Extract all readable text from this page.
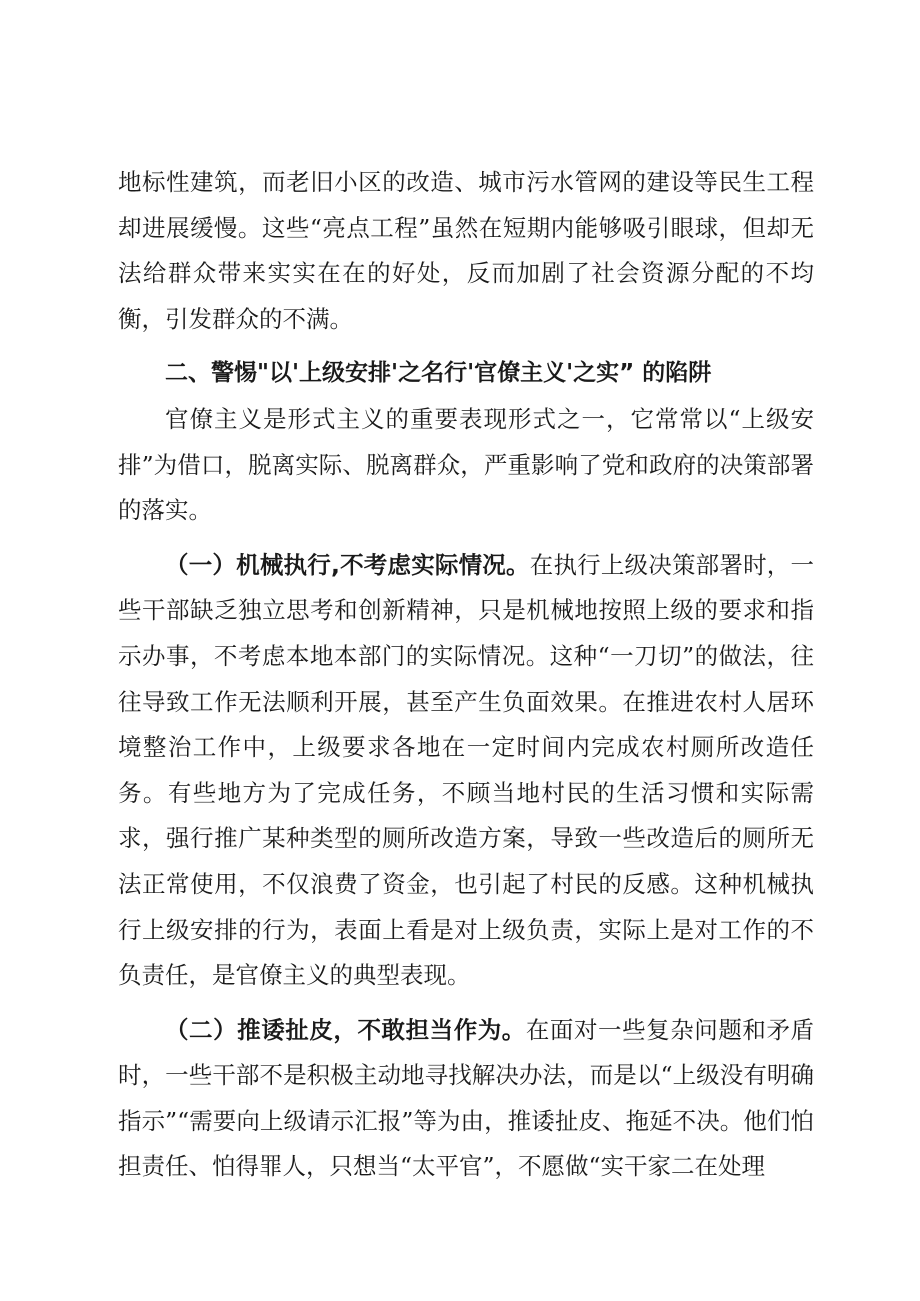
地标性建筑，而老旧小区的改造、城市污水管网的建设等民生工程却进展缓慢。这些“亮点工程”虽然在短期内能够吸引眼球，但却无法给群众带来实实在在的好处，反而加剧了社会资源分配的不均衡，引发群众的不满。

二、警惕"以'上级安排'之名行'官僚主义'之实” 的陷阱

官僚主义是形式主义的重要表现形式之一，它常常以“上级安排”为借口，脱离实际、脱离群众，严重影响了党和政府的决策部署的落实。

（一）机械执行,不考虑实际情况。在执行上级决策部署时，一些干部缺乏独立思考和创新精神，只是机械地按照上级的要求和指示办事，不考虑本地本部门的实际情况。这种“一刀切”的做法，往往导致工作无法顺利开展，甚至产生负面效果。在推进农村人居环境整治工作中，上级要求各地在一定时间内完成农村厕所改造任务。有些地方为了完成任务，不顾当地村民的生活习惯和实际需求，强行推广某种类型的厕所改造方案，导致一些改造后的厕所无法正常使用，不仅浪费了资金，也引起了村民的反感。这种机械执行上级安排的行为，表面上看是对上级负责，实际上是对工作的不负责任，是官僚主义的典型表现。

（二）推诿扯皮，不敢担当作为。在面对一些复杂问题和矛盾时，一些干部不是积极主动地寻找解决办法，而是以“上级没有明确指示”“需要向上级请示汇报”等为由，推诿扯皮、拖延不决。他们怕担责任、怕得罪人，只想当“太平官”，不愿做“实干家二在处理
